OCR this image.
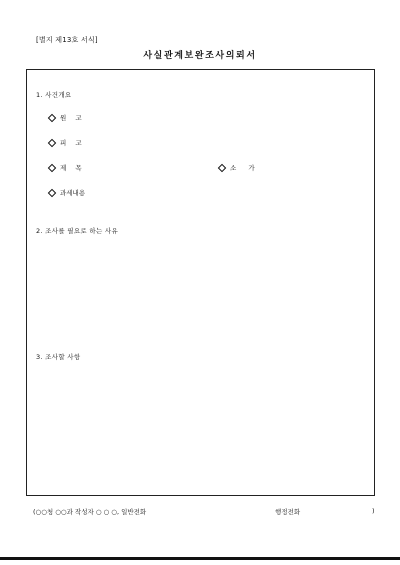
[별지 제13호 서식]
사실관계보완조사의뢰서
1. 사건개요
원 고
피 고
제 목	소 가
과세내용
2. 조사를 필요로 하는 사유
3. 조사할 사항
(○○청 ○○과 작성자 ○ ○ ○, 일반전화	행정전화	)
